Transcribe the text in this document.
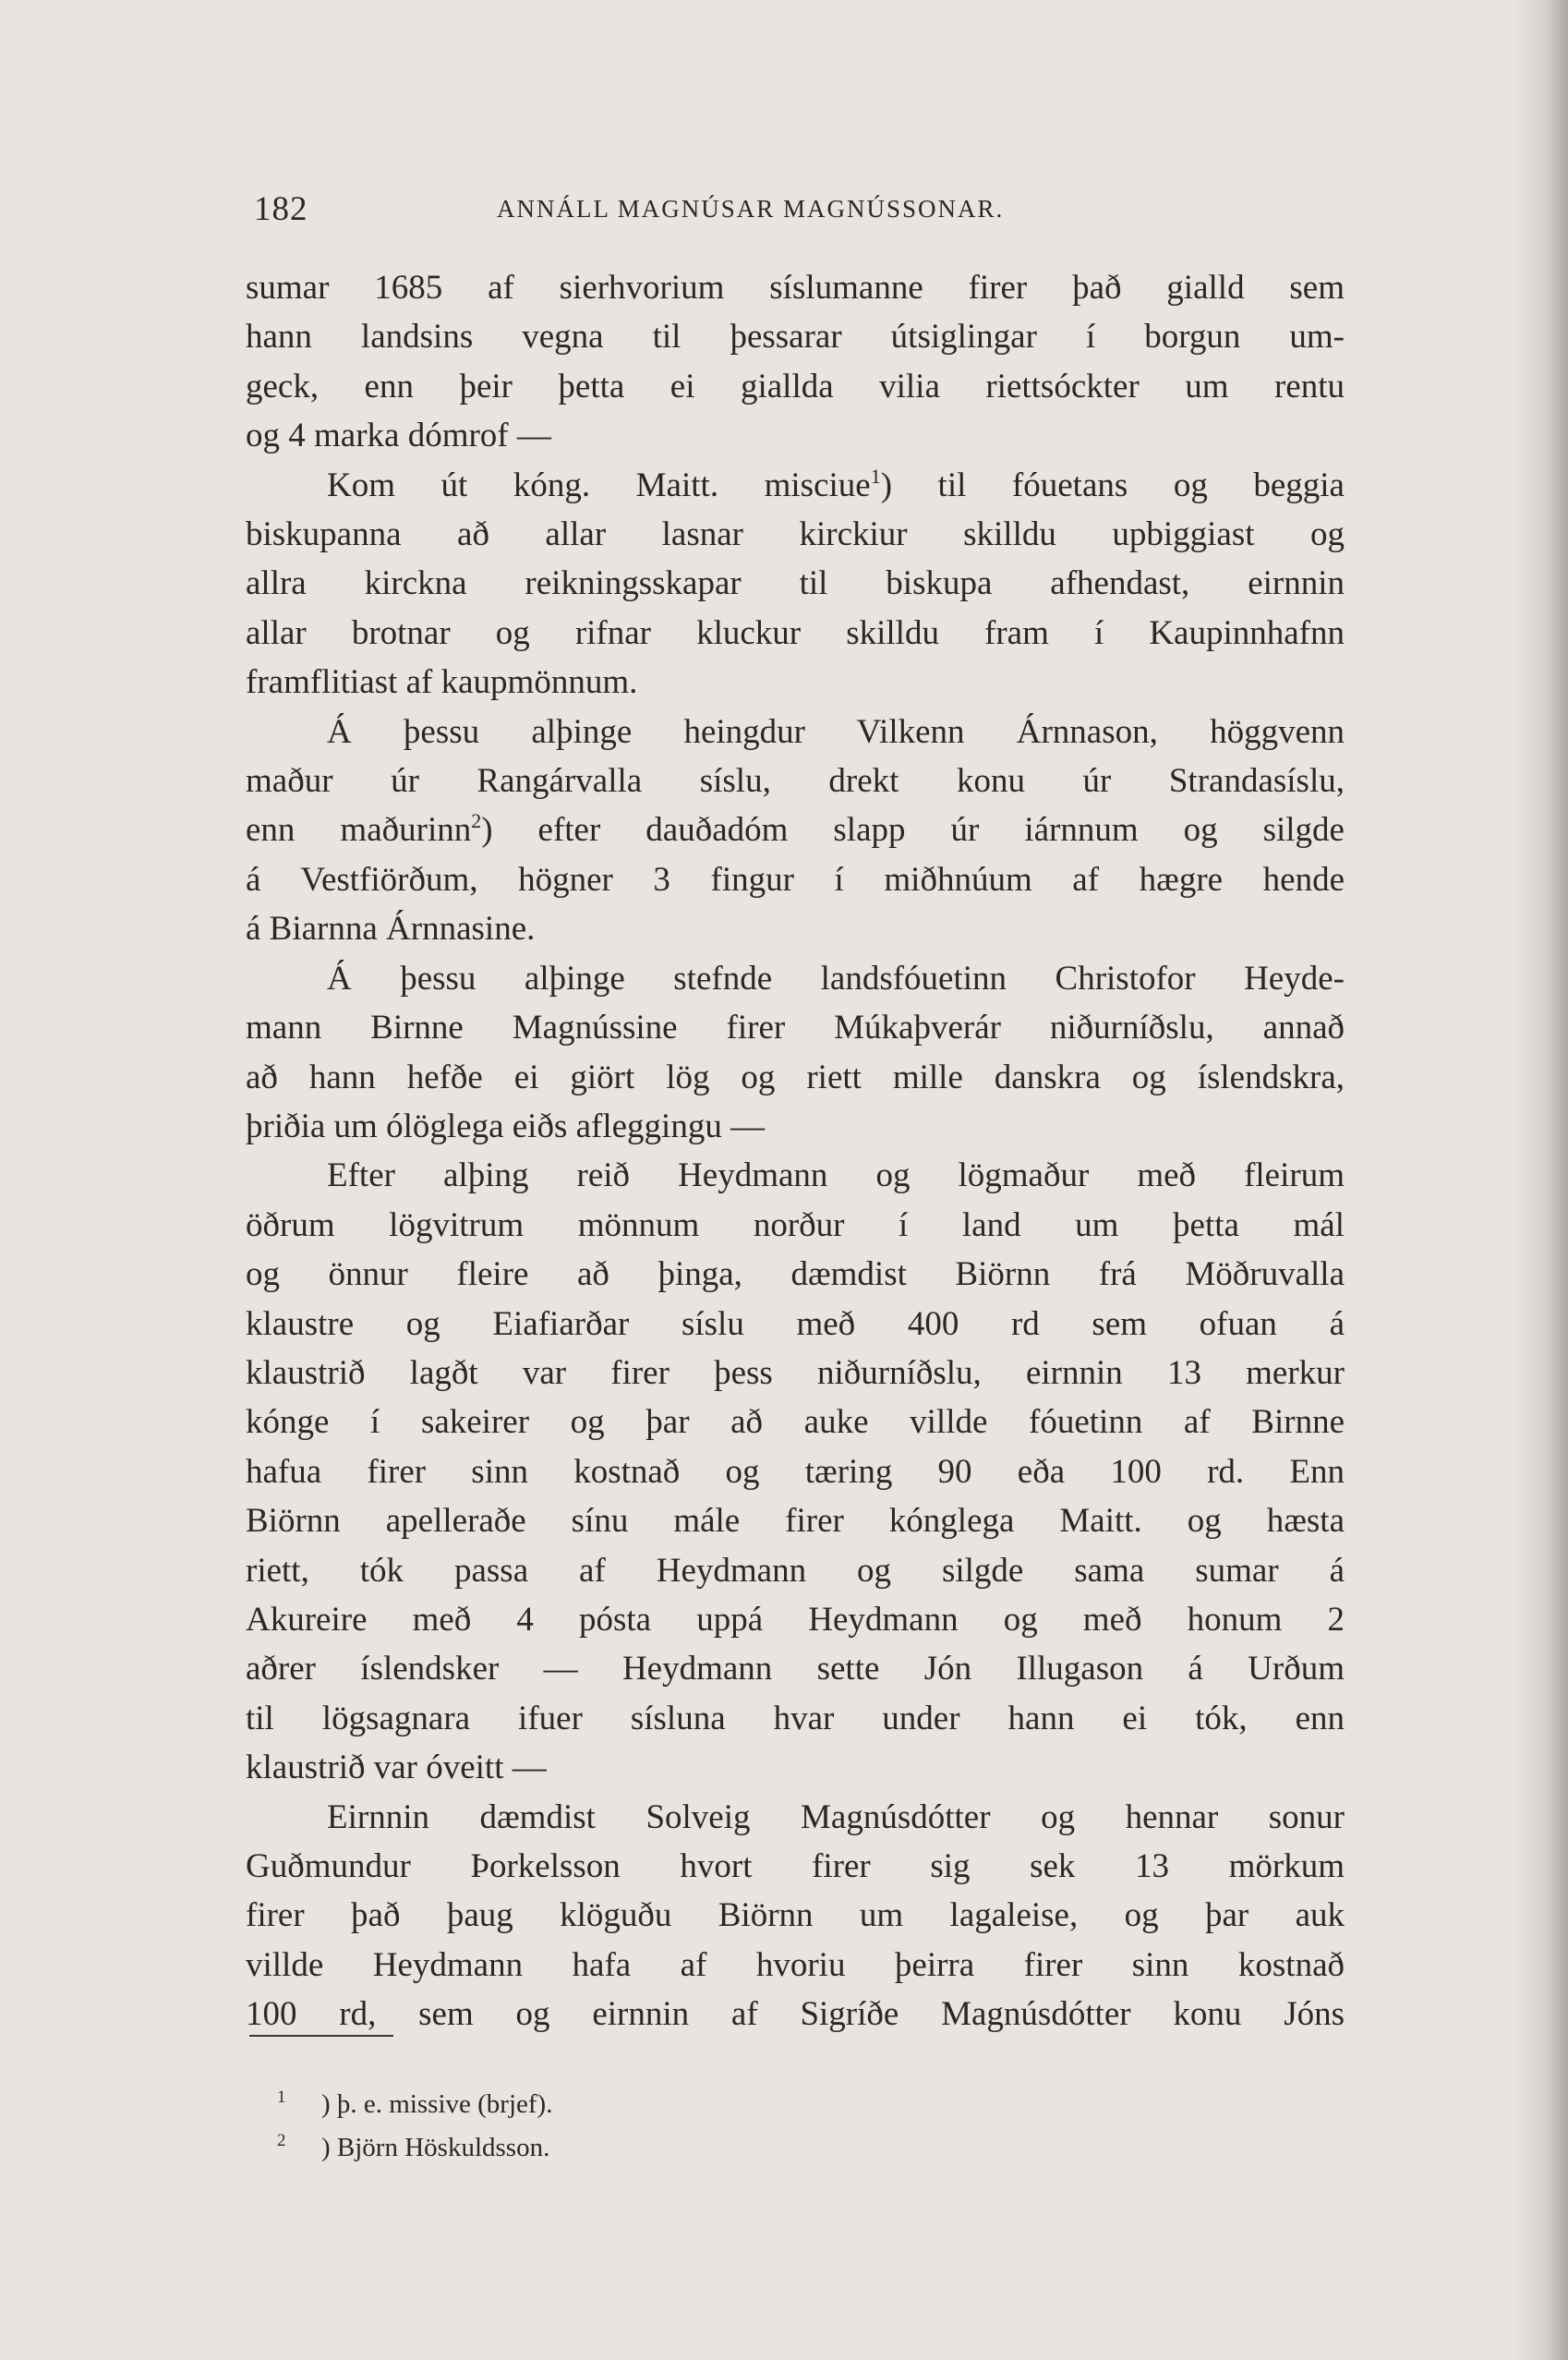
182	ANNÁLL MAGNÚSAR MAGNÚSSONAR.
sumar 1685 af sierhvorium síslumanne firer það gialld sem
hann landsins vegna til þessarar útsiglingar í borgun um-
geck, enn þeir þetta ei giallda vilia riettsóckter um rentu
og 4 marka dómrof —
Kom út kóng. Maitt. misciue$^1$) til fóuetans og beggia
biskupanna að allar lasnar kirckiur skilldu upbiggiast og
allra kirckna reikningsskapar til biskupa afhendast, eirnnin
allar brotnar og rifnar kluckur skilldu fram í Kaupinnhafnn
framflitiast af kaupmönnum.
Á þessu alþinge heingdur Vilkenn Árnnason, höggvenn
maður úr Rangárvalla síslu, drekt konu úr Strandasíslu,
enn maðurinn$^2$) efter dauðadóm slapp úr iárnnum og silgde
á Vestfiörðum, högner 3 fingur í miðhnúum af hægre hende
á Biarnna Árnnasine.
Á þessu alþinge stefnde landsfóuetinn Christofor Heyde-
mann Birnne Magnússine firer Múkaþverár niðurníðslu, annað
að hann hefðe ei giört lög og riett mille danskra og íslendskra,
þriðia um ólöglega eiðs afleggingu —
Efter alþing reið Heydmann og lögmaður með fleirum
öðrum lögvitrum mönnum norður í land um þetta mál
og önnur fleire að þinga, dæmdist Biörnn frá Möðruvalla
klaustre og Eiafiarðar síslu með 400 rd sem ofuan á
klaustrið lagðt var firer þess niðurníðslu, eirnnin 13 merkur
kónge í sakeirer og þar að auke villde fóuetinn af Birnne
hafua firer sinn kostnað og tæring 90 eða 100 rd. Enn
Biörnn apelleraðe sínu mále firer kónglega Maitt. og hæsta
riett, tók passa af Heydmann og silgde sama sumar á
Akureire með 4 pósta uppá Heydmann og með honum 2
aðrer íslendsker — Heydmann sette Jón Illugason á Urðum
til lögsagnara ifuer sísluna hvar under hann ei tók, enn
klaustrið var óveitt —
Eirnnin dæmdist Solveig Magnúsdótter og hennar sonur
Guðmundur Þorkelsson hvort firer sig sek 13 mörkum
firer það þaug klöguðu Biörnn um lagaleise, og þar auk
villde Heydmann hafa af hvoriu þeirra firer sinn kostnað
100 rd, sem og eirnnin af Sigríðe Magnúsdótter konu Jóns
$^1$ ) þ. e. missive (brjef).
$^2$ ) Björn Höskuldsson.
